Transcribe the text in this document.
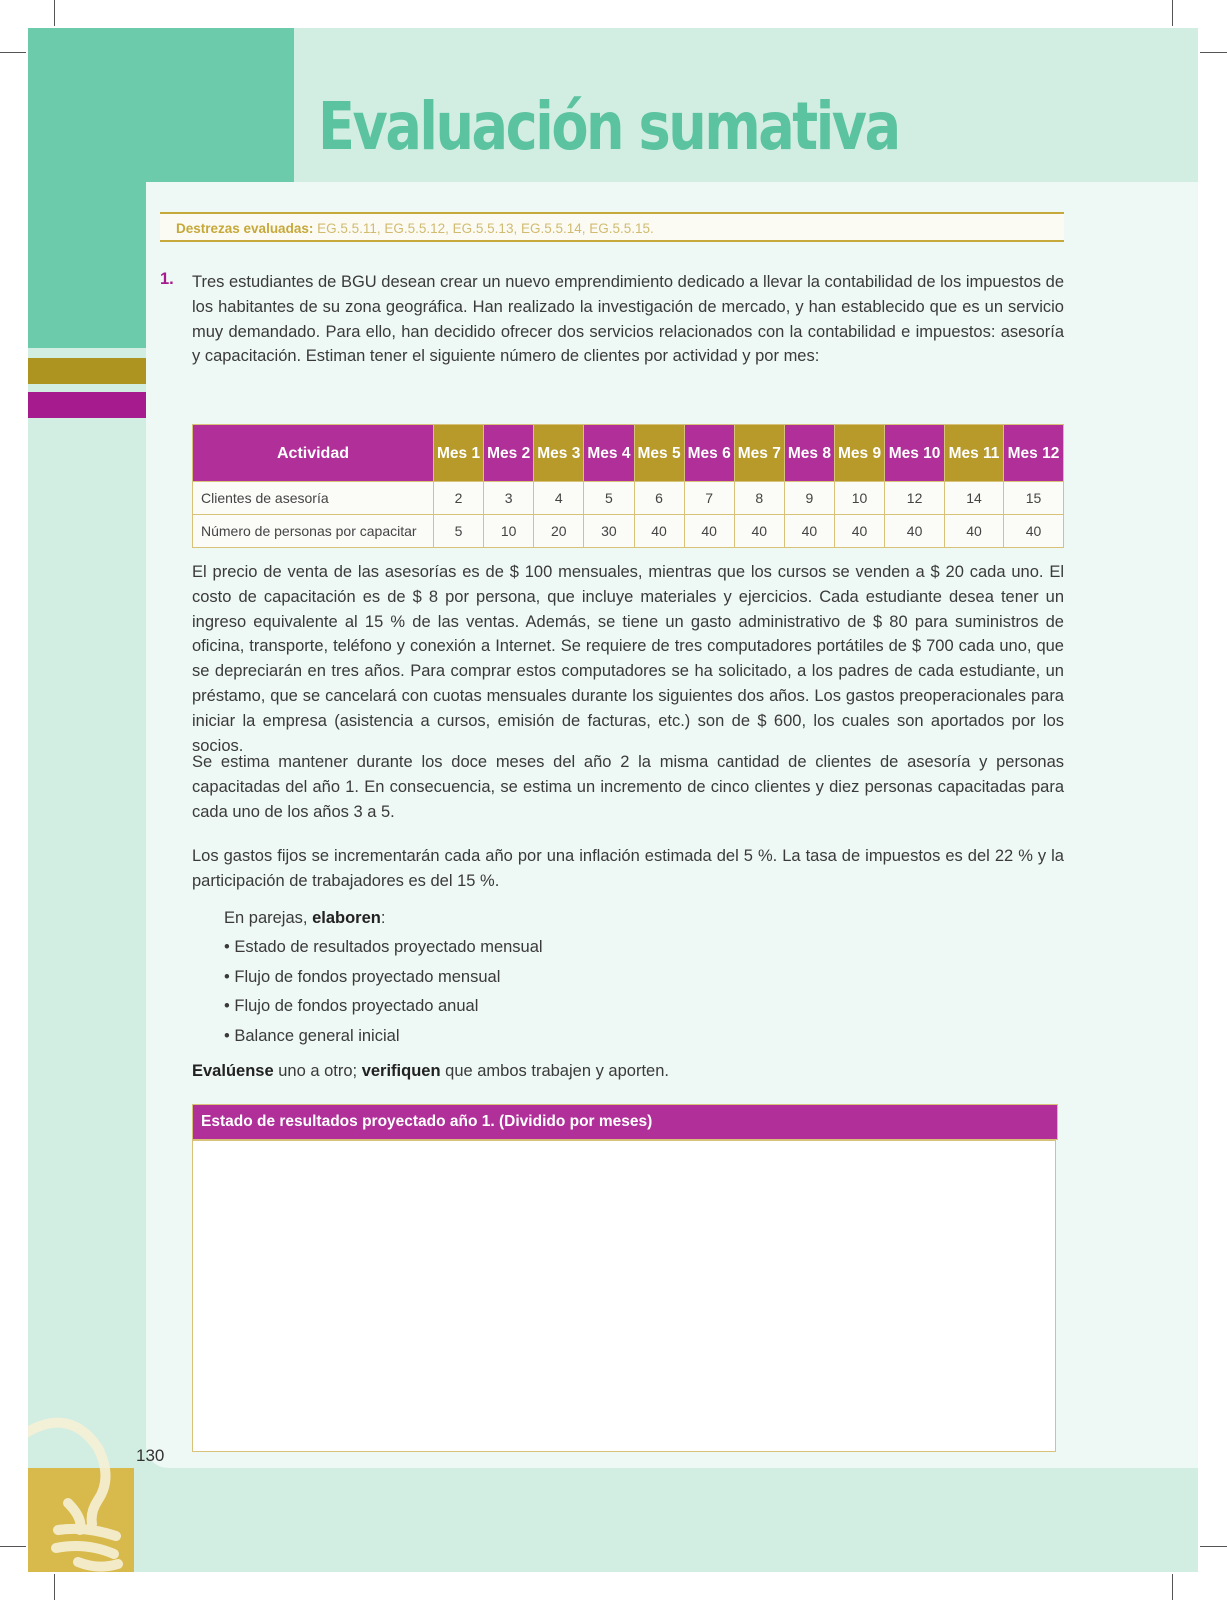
Evaluación sumativa
Destrezas evaluadas: EG.5.5.11, EG.5.5.12, EG.5.5.13, EG.5.5.14, EG.5.5.15.
1. Tres estudiantes de BGU desean crear un nuevo emprendimiento dedicado a llevar la contabilidad de los impuestos de los habitantes de su zona geográfica. Han realizado la investigación de mercado, y han establecido que es un servicio muy demandado. Para ello, han decidido ofrecer dos servicios relacionados con la contabilidad e impuestos: asesoría y capacitación. Estiman tener el siguiente número de clientes por actividad y por mes:

Actividad	Mes 1	Mes 2	Mes 3	Mes 4	Mes 5	Mes 6	Mes 7	Mes 8	Mes 9	Mes 10	Mes 11	Mes 12
Clientes de asesoría	2	3	4	5	6	7	8	9	10	12	14	15
Número de personas por capacitar	5	10	20	30	40	40	40	40	40	40	40	40

El precio de venta de las asesorías es de $ 100 mensuales, mientras que los cursos se venden a $ 20 cada uno. El costo de capacitación es de $ 8 por persona, que incluye materiales y ejercicios. Cada estudiante desea tener un ingreso equivalente al 15 % de las ventas. Además, se tiene un gasto administrativo de $ 80 para suministros de oficina, transporte, teléfono y conexión a Internet. Se requiere de tres computadores portátiles de $ 700 cada uno, que se depreciarán en tres años. Para comprar estos computadores se ha solicitado, a los padres de cada estudiante, un préstamo, que se cancelará con cuotas mensuales durante los siguientes dos años. Los gastos preoperacionales para iniciar la empresa (asistencia a cursos, emisión de facturas, etc.) son de $ 600, los cuales son aportados por los socios.

Se estima mantener durante los doce meses del año 2 la misma cantidad de clientes de asesoría y personas capacitadas del año 1. En consecuencia, se estima un incremento de cinco clientes y diez personas capacitadas para cada uno de los años 3 a 5.

Los gastos fijos se incrementarán cada año por una inflación estimada del 5 %. La tasa de impuestos es del 22 % y la participación de trabajadores es del 15 %.

En parejas, elaboren:

• Estado de resultados proyectado mensual
• Flujo de fondos proyectado mensual
• Flujo de fondos proyectado anual
• Balance general inicial

Evalúense uno a otro; verifiquen que ambos trabajen y aporten.

Estado de resultados proyectado año 1. (Dividido por meses)
130
